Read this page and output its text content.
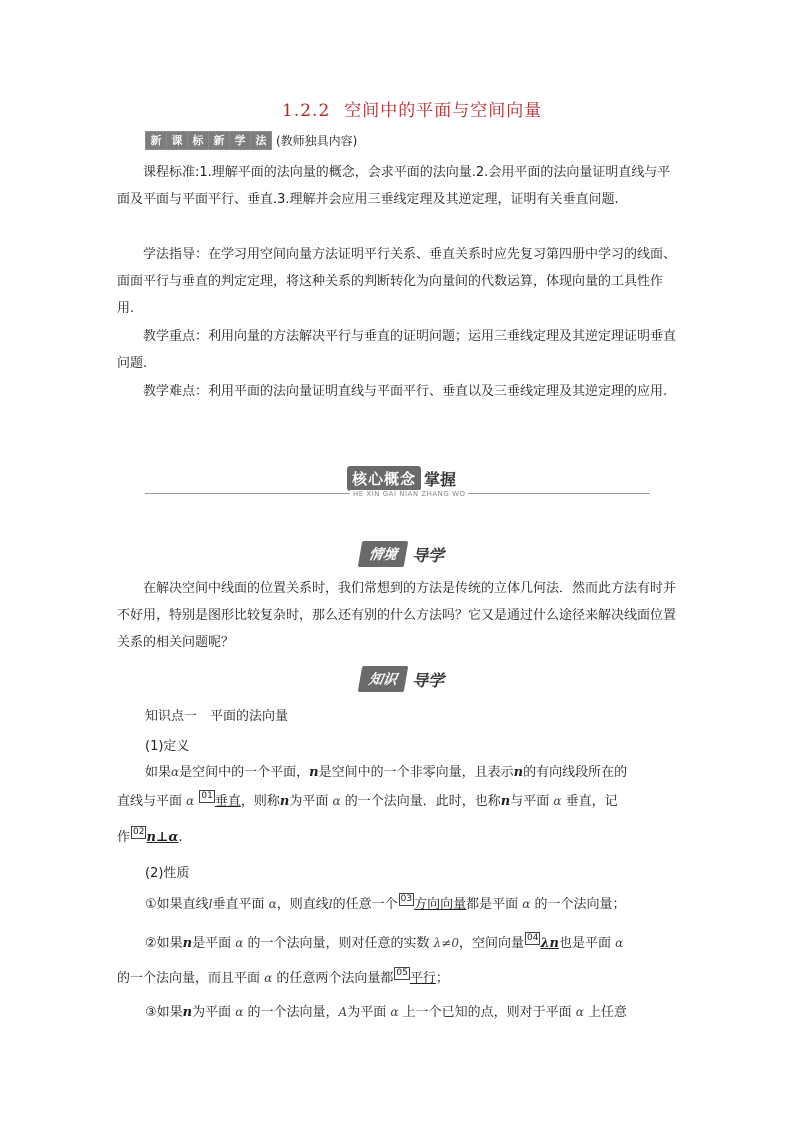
1.2.2 空间中的平面与空间向量
新 课 标 新 学 法 (教师独具内容)
课程标准:1.理解平面的法向量的概念，会求平面的法向量.2.会用平面的法向量证明直线与平面及平面与平面平行、垂直.3.理解并会应用三垂线定理及其逆定理，证明有关垂直问题.
学法指导：在学习用空间向量方法证明平行关系、垂直关系时应先复习第四册中学习的线面、面面平行与垂直的判定定理，将这种关系的判断转化为向量间的代数运算，体现向量的工具性作用.
教学重点：利用向量的方法解决平行与垂直的证明问题；运用三垂线定理及其逆定理证明垂直问题.
教学难点：利用平面的法向量证明直线与平面平行、垂直以及三垂线定理及其逆定理的应用.
核心概念 掌握
HE XIN GAI NIAN ZHANG WO
情境 导学
在解决空间中线面的位置关系时，我们常想到的方法是传统的立体几何法．然而此方法有时并不好用，特别是图形比较复杂时，那么还有别的什么方法吗？它又是通过什么途径来解决线面位置关系的相关问题呢？
知识 导学
知识点一　平面的法向量
(1)定义
如果α是空间中的一个平面，n是空间中的一个非零向量，且表示n的有向线段所在的
直线与平面 α 01 垂直，则称n为平面 α 的一个法向量．此时，也称n与平面 α 垂直，记
作 02 n⊥α.
(2)性质
①如果直线l垂直平面 α，则直线l的任意一个 03 方向向量都是平面 α 的一个法向量；
②如果n是平面 α 的一个法向量，则对任意的实数 λ≠0，空间向量 04 λn也是平面 α
的一个法向量，而且平面 α 的任意两个法向量都 05 平行；
③如果n为平面 α 的一个法向量，A为平面 α 上一个已知的点，则对于平面 α 上任意
